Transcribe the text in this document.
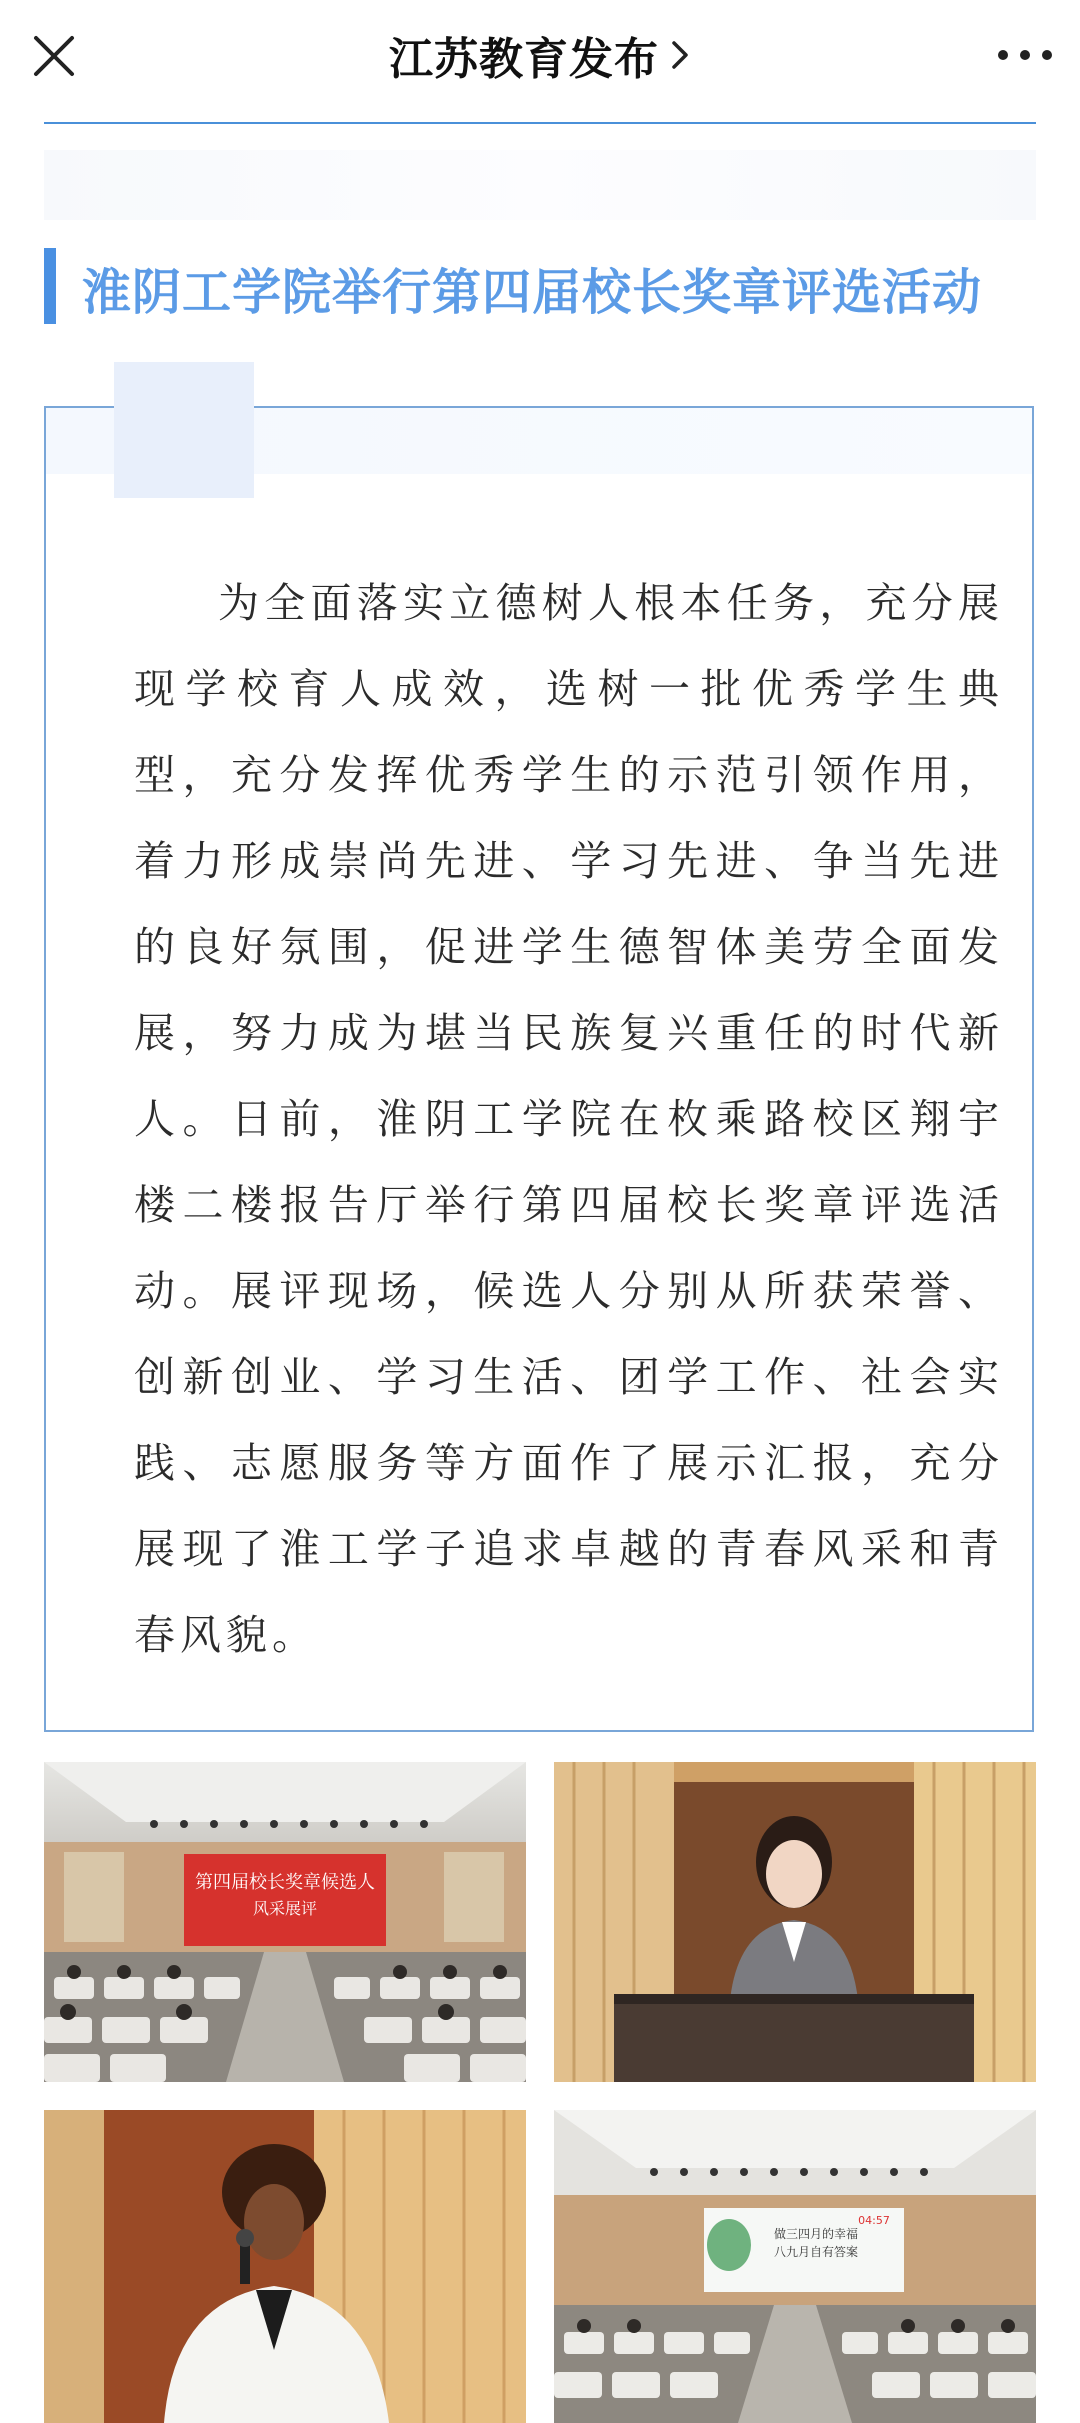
江苏教育发布
淮阴工学院举行第四届校长奖章评选活动

为全面落实立德树人根本任务，充分展现学校育人成效，选树一批优秀学生典型，充分发挥优秀学生的示范引领作用，着力形成崇尚先进、学习先进、争当先进的良好氛围，促进学生德智体美劳全面发展，努力成为堪当民族复兴重任的时代新人。日前，淮阴工学院在枚乘路校区翔宇楼二楼报告厅举行第四届校长奖章评选活动。展评现场，候选人分别从所获荣誉、创新创业、学习生活、团学工作、社会实践、志愿服务等方面作了展示汇报，充分展现了淮工学子追求卓越的青春风采和青春风貌。

第四届校长奖章候选人
风采展评
做三四月的幸福
八九月自有答案
04:57
